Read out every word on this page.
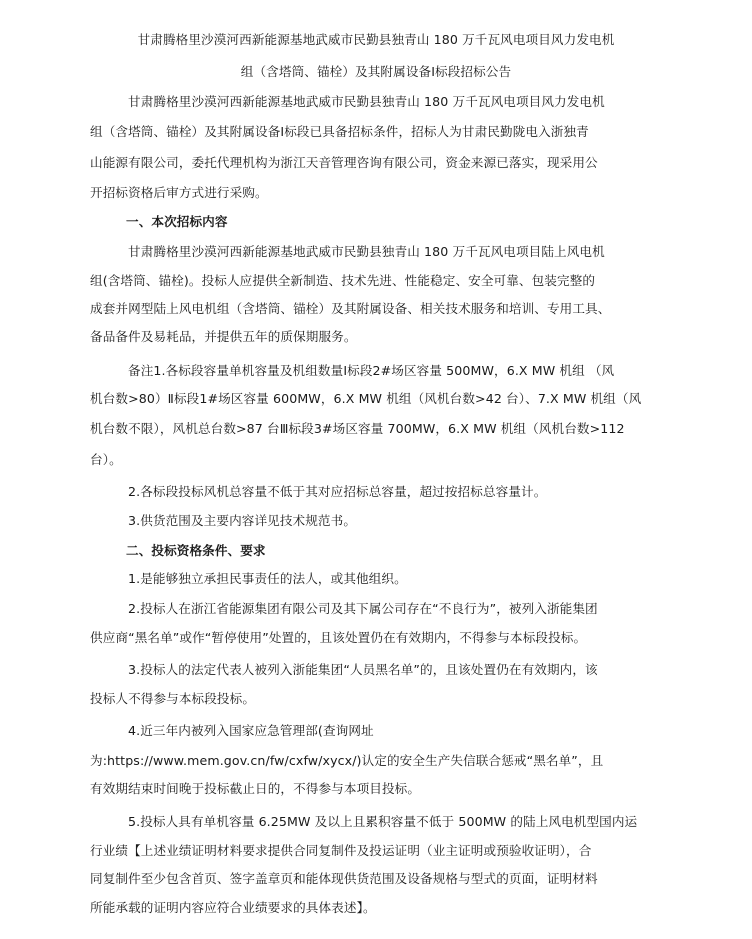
甘肃腾格里沙漠河西新能源基地武威市民勤县独青山 180 万千瓦风电项目风力发电机
组（含塔筒、锚栓）及其附属设备Ⅰ标段招标公告
甘肃腾格里沙漠河西新能源基地武威市民勤县独青山 180 万千瓦风电项目风力发电机
组（含塔筒、锚栓）及其附属设备Ⅰ标段已具备招标条件，招标人为甘肃民勤陇电入浙独青
山能源有限公司，委托代理机构为浙江天音管理咨询有限公司，资金来源已落实，现采用公
开招标资格后审方式进行采购。
一、本次招标内容
甘肃腾格里沙漠河西新能源基地武威市民勤县独青山 180 万千瓦风电项目陆上风电机
组(含塔筒、锚栓)。投标人应提供全新制造、技术先进、性能稳定、安全可靠、包装完整的
成套并网型陆上风电机组（含塔筒、锚栓）及其附属设备、相关技术服务和培训、专用工具、
备品备件及易耗品，并提供五年的质保期服务。
备注1.各标段容量单机容量及机组数量Ⅰ标段2#场区容量 500MW，6.X MW 机组 （风
机台数>80）Ⅱ标段1#场区容量 600MW，6.X MW 机组（风机台数>42 台）、7.X MW 机组（风
机台数不限），风机总台数>87 台Ⅲ标段3#场区容量 700MW，6.X MW 机组（风机台数>112
台）。
2.各标段投标风机总容量不低于其对应招标总容量，超过按招标总容量计。
3.供货范围及主要内容详见技术规范书。
二、投标资格条件、要求
1.是能够独立承担民事责任的法人，或其他组织。
2.投标人在浙江省能源集团有限公司及其下属公司存在“不良行为”，被列入浙能集团
供应商“黑名单”或作“暂停使用”处置的，且该处置仍在有效期内，不得参与本标段投标。
3.投标人的法定代表人被列入浙能集团“人员黑名单”的，且该处置仍在有效期内，该
投标人不得参与本标段投标。
4.近三年内被列入国家应急管理部(查询网址
为:https://www.mem.gov.cn/fw/cxfw/xycx/)认定的安全生产失信联合惩戒“黑名单”，且
有效期结束时间晚于投标截止日的，不得参与本项目投标。
5.投标人具有单机容量 6.25MW 及以上且累积容量不低于 500MW 的陆上风电机型国内运
行业绩【上述业绩证明材料要求提供合同复制件及投运证明（业主证明或预验收证明），合
同复制件至少包含首页、签字盖章页和能体现供货范围及设备规格与型式的页面，证明材料
所能承载的证明内容应符合业绩要求的具体表述】。
